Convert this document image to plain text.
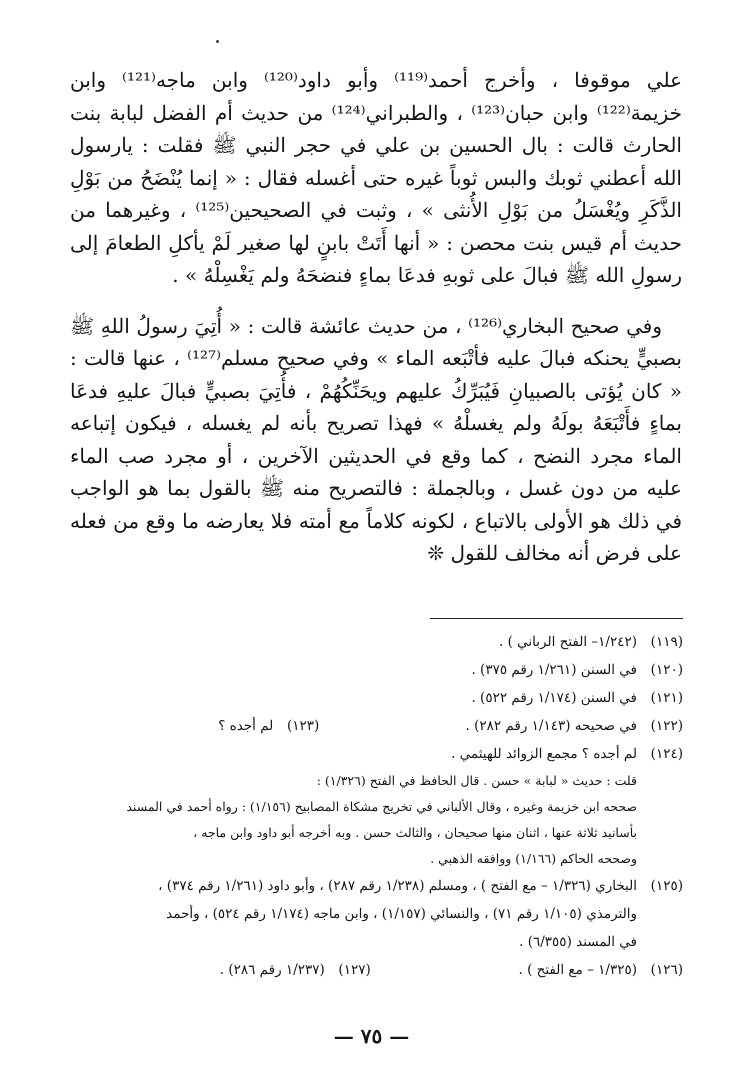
علي موقوفا ، وأخرج أحمد⁽¹¹⁹⁾ وأبو داود⁽¹²⁰⁾ وابن ماجه⁽¹²¹⁾ وابن خزيمة⁽¹²²⁾ وابن حبان⁽¹²³⁾ ، والطبراني⁽¹²⁴⁾ من حديث أم الفضل لبابة بنت الحارث قالت : بال الحسين بن علي في حجر النبي ﷺ فقلت : يارسول الله أعطني ثوبك والبس ثوباً غيره حتى أغسله فقال : « إنما يُنْضَحُ من بَوْلِ الذَّكَرِ ويُغْسَلُ من بَوْلِ الأُنثى » ، وثبت في الصحيحين⁽¹²⁵⁾ ، وغيرهما من حديث أم قيس بنت محصن : « أنها أَتَتْ بابنٍ لها صغير لَمْ يأكلِ الطعامَ إلى رسولِ الله ﷺ فبالَ على ثوبهِ فدعَا بماءٍ فنضحَهُ ولم يَغْسِلْهُ » .

وفي صحيح البخاري⁽¹²⁶⁾ ، من حديث عائشة قالت : « أُتِيَ رسولُ اللهِ ﷺ بصبيٍّ يحنكه فبالَ عليه فأتْبَعه الماء » وفي صحيح مسلم⁽¹²⁷⁾ ، عنها قالت : « كان يُؤتى بالصبيانِ فَيُبَرِّكُ عليهم ويحَنِّكُهُمْ ، فأُتِيَ بصبيٍّ فبالَ عليهِ فدعَا بماءٍ فأَتْبَعَهُ بولَهُ ولم يغسلْهُ » فهذا تصريح بأنه لم يغسله ، فيكون إتباعه الماء مجرد النضح ، كما وقع في الحديثين الآخرين ، أو مجرد صب الماء عليه من دون غسل ، وبالجملة : فالتصريح منه ﷺ بالقول بما هو الواجب في ذلك هو الأولى بالاتباع ، لكونه كلاماً مع أمته فلا يعارضه ما وقع من فعله على فرض أنه مخالف للقول ❊

(١١٩)
(١/٢٤٢– الفتح الرباني ) .
(١٢٠)
في السنن (١/٢٦١ رقم ٣٧٥) .
(١٢١)
في السنن (١/١٧٤ رقم ٥٢٢) .
(١٢٢)
في صحيحه (١/١٤٣ رقم ٢٨٢) .
(١٢٣)
لم أجده ؟
(١٢٤)
لم أجده ؟ مجمع الزوائد للهيثمي .
قلت : حديث « لبابة » حسن . قال الحافظ في الفتح (١/٣٢٦) :
صححه ابن خزيمة وغيره ، وقال الألباني في تخريج مشكاة المصابيح (١/١٥٦) : رواه أحمد في المسند
بأسانيد ثلاثة عنها ، اثنان منها صحيحان ، والثالث حسن . وبه أخرجه أبو داود وابن ماجه ،
وصححه الحاكم (١/١٦٦) ووافقه الذهبي .
(١٢٥)
البخاري (١/٣٢٦ – مع الفتح ) ، ومسلم (١/٢٣٨ رقم ٢٨٧) ، وأبو داود (١/٢٦١ رقم ٣٧٤) ،
والترمذي (١/١٠٥ رقم ٧١) ، والنسائي (١/١٥٧) ، وابن ماجه (١/١٧٤ رقم ٥٢٤) ، وأحمد
في المسند (٦/٣٥٥) .
(١٢٦)
(١/٣٢٥ – مع الفتح ) .
(١٢٧)
(١/٢٣٧ رقم ٢٨٦) .
— ٧٥ —
